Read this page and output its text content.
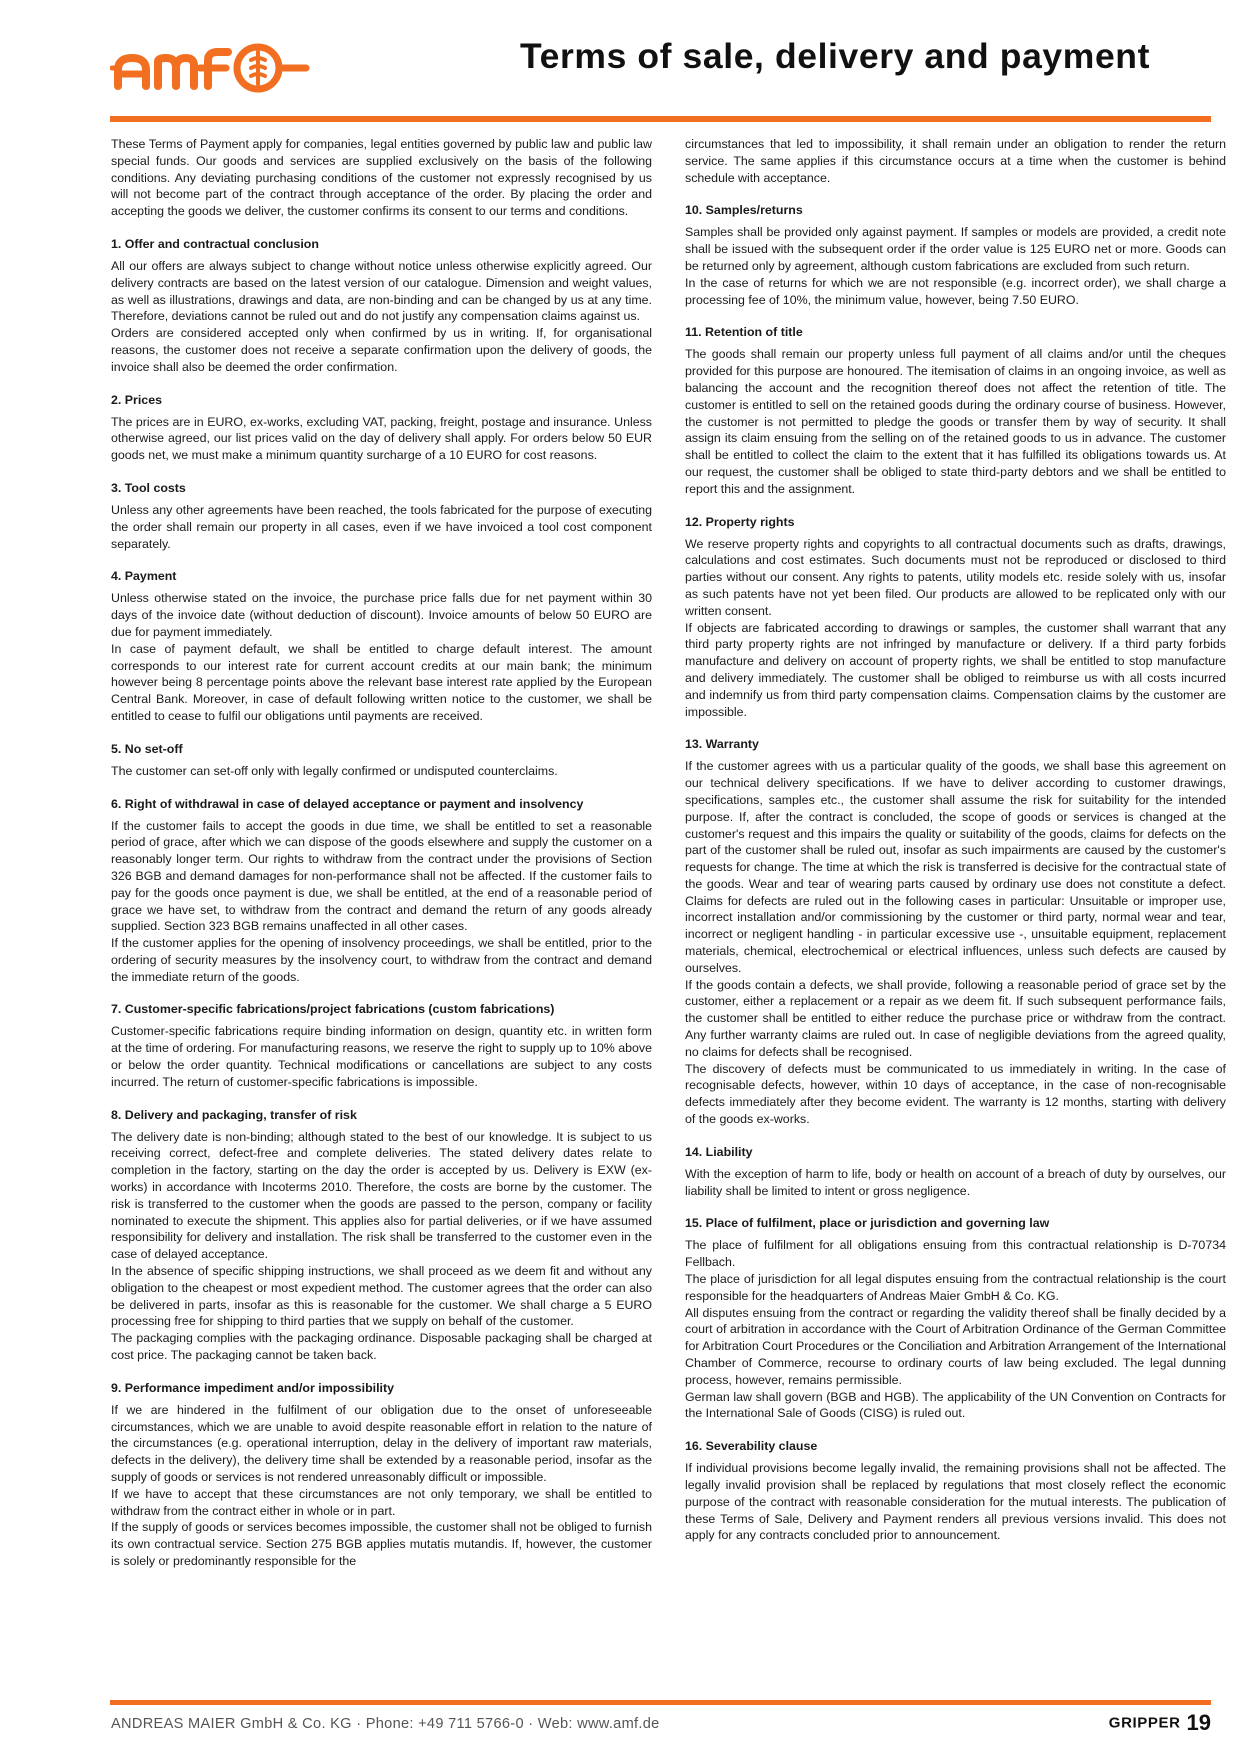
Terms of sale, delivery and payment

These Terms of Payment apply for companies, legal entities governed by public law and public law special funds. Our goods and services are supplied exclusively on the basis of the following conditions. Any deviating purchasing conditions of the customer not expressly recognised by us will not become part of the contract through acceptance of the order. By placing the order and accepting the goods we deliver, the customer confirms its consent to our terms and conditions.

1. Offer and contractual conclusion

All our offers are always subject to change without notice unless otherwise explicitly agreed. Our delivery contracts are based on the latest version of our catalogue. Dimension and weight values, as well as illustrations, drawings and data, are non-binding and can be changed by us at any time. Therefore, deviations cannot be ruled out and do not justify any compensation claims against us.

Orders are considered accepted only when confirmed by us in writing. If, for organisational reasons, the customer does not receive a separate confirmation upon the delivery of goods, the invoice shall also be deemed the order confirmation.

2. Prices

The prices are in EURO, ex-works, excluding VAT, packing, freight, postage and insurance. Unless otherwise agreed, our list prices valid on the day of delivery shall apply. For orders below 50 EUR goods net, we must make a minimum quantity surcharge of a 10 EURO for cost reasons.

3. Tool costs

Unless any other agreements have been reached, the tools fabricated for the purpose of executing the order shall remain our property in all cases, even if we have invoiced a tool cost component separately.

4. Payment

Unless otherwise stated on the invoice, the purchase price falls due for net payment within 30 days of the invoice date (without deduction of discount). Invoice amounts of below 50 EURO are due for payment immediately.

In case of payment default, we shall be entitled to charge default interest. The amount corresponds to our interest rate for current account credits at our main bank; the minimum however being 8 percentage points above the relevant base interest rate applied by the European Central Bank. Moreover, in case of default following written notice to the customer, we shall be entitled to cease to fulfil our obligations until payments are received.

5. No set-off

The customer can set-off only with legally confirmed or undisputed counterclaims.

6. Right of withdrawal in case of delayed acceptance or payment and insolvency

If the customer fails to accept the goods in due time, we shall be entitled to set a reasonable period of grace, after which we can dispose of the goods elsewhere and supply the customer on a reasonably longer term. Our rights to withdraw from the contract under the provisions of Section 326 BGB and demand damages for non-performance shall not be affected. If the customer fails to pay for the goods once payment is due, we shall be entitled, at the end of a reasonable period of grace we have set, to withdraw from the contract and demand the return of any goods already supplied. Section 323 BGB remains unaffected in all other cases.

If the customer applies for the opening of insolvency proceedings, we shall be entitled, prior to the ordering of security measures by the insolvency court, to withdraw from the contract and demand the immediate return of the goods.

7. Customer-specific fabrications/project fabrications (custom fabrications)

Customer-specific fabrications require binding information on design, quantity etc. in written form at the time of ordering. For manufacturing reasons, we reserve the right to supply up to 10% above or below the order quantity. Technical modifications or cancellations are subject to any costs incurred. The return of customer-specific fabrications is impossible.

8. Delivery and packaging, transfer of risk

The delivery date is non-binding; although stated to the best of our knowledge. It is subject to us receiving correct, defect-free and complete deliveries. The stated delivery dates relate to completion in the factory, starting on the day the order is accepted by us. Delivery is EXW (ex-works) in accordance with Incoterms 2010. Therefore, the costs are borne by the customer. The risk is transferred to the customer when the goods are passed to the person, company or facility nominated to execute the shipment. This applies also for partial deliveries, or if we have assumed responsibility for delivery and installation. The risk shall be transferred to the customer even in the case of delayed acceptance.

In the absence of specific shipping instructions, we shall proceed as we deem fit and without any obligation to the cheapest or most expedient method. The customer agrees that the order can also be delivered in parts, insofar as this is reasonable for the customer. We shall charge a 5 EURO processing free for shipping to third parties that we supply on behalf of the customer.

The packaging complies with the packaging ordinance. Disposable packaging shall be charged at cost price. The packaging cannot be taken back.

9. Performance impediment and/or impossibility

If we are hindered in the fulfilment of our obligation due to the onset of unforeseeable circumstances, which we are unable to avoid despite reasonable effort in relation to the nature of the circumstances (e.g. operational interruption, delay in the delivery of important raw materials, defects in the delivery), the delivery time shall be extended by a reasonable period, insofar as the supply of goods or services is not rendered unreasonably difficult or impossible.

If we have to accept that these circumstances are not only temporary, we shall be entitled to withdraw from the contract either in whole or in part.

If the supply of goods or services becomes impossible, the customer shall not be obliged to furnish its own contractual service. Section 275 BGB applies mutatis mutandis. If, however, the customer is solely or predominantly responsible for the

circumstances that led to impossibility, it shall remain under an obligation to render the return service. The same applies if this circumstance occurs at a time when the customer is behind schedule with acceptance.

10. Samples/returns

Samples shall be provided only against payment. If samples or models are provided, a credit note shall be issued with the subsequent order if the order value is 125 EURO net or more. Goods can be returned only by agreement, although custom fabrications are excluded from such return.

In the case of returns for which we are not responsible (e.g. incorrect order), we shall charge a processing fee of 10%, the minimum value, however, being 7.50 EURO.

11. Retention of title

The goods shall remain our property unless full payment of all claims and/or until the cheques provided for this purpose are honoured. The itemisation of claims in an ongoing invoice, as well as balancing the account and the recognition thereof does not affect the retention of title. The customer is entitled to sell on the retained goods during the ordinary course of business. However, the customer is not permitted to pledge the goods or transfer them by way of security. It shall assign its claim ensuing from the selling on of the retained goods to us in advance. The customer shall be entitled to collect the claim to the extent that it has fulfilled its obligations towards us. At our request, the customer shall be obliged to state third-party debtors and we shall be entitled to report this and the assignment.

12. Property rights

We reserve property rights and copyrights to all contractual documents such as drafts, drawings, calculations and cost estimates. Such documents must not be reproduced or disclosed to third parties without our consent. Any rights to patents, utility models etc. reside solely with us, insofar as such patents have not yet been filed. Our products are allowed to be replicated only with our written consent.

If objects are fabricated according to drawings or samples, the customer shall warrant that any third party property rights are not infringed by manufacture or delivery. If a third party forbids manufacture and delivery on account of property rights, we shall be entitled to stop manufacture and delivery immediately. The customer shall be obliged to reimburse us with all costs incurred and indemnify us from third party compensation claims. Compensation claims by the customer are impossible.

13. Warranty

If the customer agrees with us a particular quality of the goods, we shall base this agreement on our technical delivery specifications. If we have to deliver according to customer drawings, specifications, samples etc., the customer shall assume the risk for suitability for the intended purpose. If, after the contract is concluded, the scope of goods or services is changed at the customer's request and this impairs the quality or suitability of the goods, claims for defects on the part of the customer shall be ruled out, insofar as such impairments are caused by the customer's requests for change. The time at which the risk is transferred is decisive for the contractual state of the goods. Wear and tear of wearing parts caused by ordinary use does not constitute a defect. Claims for defects are ruled out in the following cases in particular: Unsuitable or improper use, incorrect installation and/or commissioning by the customer or third party, normal wear and tear, incorrect or negligent handling - in particular excessive use -, unsuitable equipment, replacement materials, chemical, electrochemical or electrical influences, unless such defects are caused by ourselves.

If the goods contain a defects, we shall provide, following a reasonable period of grace set by the customer, either a replacement or a repair as we deem fit. If such subsequent performance fails, the customer shall be entitled to either reduce the purchase price or withdraw from the contract. Any further warranty claims are ruled out. In case of negligible deviations from the agreed quality, no claims for defects shall be recognised.

The discovery of defects must be communicated to us immediately in writing. In the case of recognisable defects, however, within 10 days of acceptance, in the case of non-recognisable defects immediately after they become evident. The warranty is 12 months, starting with delivery of the goods ex-works.

14. Liability

With the exception of harm to life, body or health on account of a breach of duty by ourselves, our liability shall be limited to intent or gross negligence.

15. Place of fulfilment, place or jurisdiction and governing law

The place of fulfilment for all obligations ensuing from this contractual relationship is D-70734 Fellbach.

The place of jurisdiction for all legal disputes ensuing from the contractual relationship is the court responsible for the headquarters of Andreas Maier GmbH & Co. KG.

All disputes ensuing from the contract or regarding the validity thereof shall be finally decided by a court of arbitration in accordance with the Court of Arbitration Ordinance of the German Committee for Arbitration Court Procedures or the Conciliation and Arbitration Arrangement of the International Chamber of Commerce, recourse to ordinary courts of law being excluded. The legal dunning process, however, remains permissible.

German law shall govern (BGB and HGB). The applicability of the UN Convention on Contracts for the International Sale of Goods (CISG) is ruled out.

16. Severability clause

If individual provisions become legally invalid, the remaining provisions shall not be affected. The legally invalid provision shall be replaced by regulations that most closely reflect the economic purpose of the contract with reasonable consideration for the mutual interests. The publication of these Terms of Sale, Delivery and Payment renders all previous versions invalid. This does not apply for any contracts concluded prior to announcement.

ANDREAS MAIER GmbH & Co. KG · Phone: +49 711 5766-0 · Web: www.amf.de	GRIPPER 19
